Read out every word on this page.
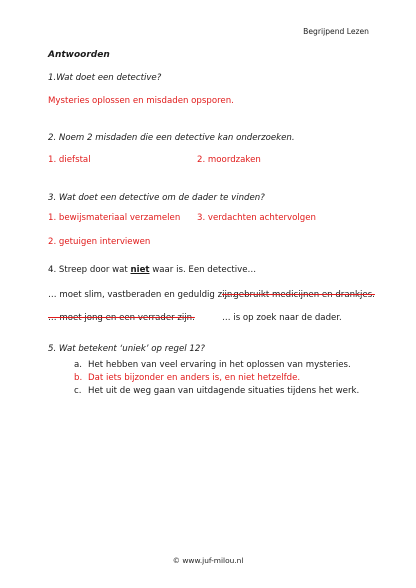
Begrijpend Lezen
Antwoorden
1.Wat doet een detective?
Mysteries oplossen en misdaden opsporen.
2. Noem 2 misdaden die een detective kan onderzoeken.
1. diefstal	2. moordzaken
3. Wat doet een detective om de dader te vinden?
1. bewijsmateriaal verzamelen 3. verdachten achtervolgen
2. getuigen interviewen
4. Streep door wat niet waar is. Een detective…
… moet slim, vastberaden en geduldig zijn.
… gebruikt medicijnen en drankjes.
… moet jong en een verrader zijn.	… is op zoek naar de dader.
5. Wat betekent ‘uniek’ op regel 12?
a. Het hebben van veel ervaring in het oplossen van mysteries.
b. Dat iets bijzonder en anders is, en niet hetzelfde.
c. Het uit de weg gaan van uitdagende situaties tijdens het werk.
© www.juf-milou.nl
